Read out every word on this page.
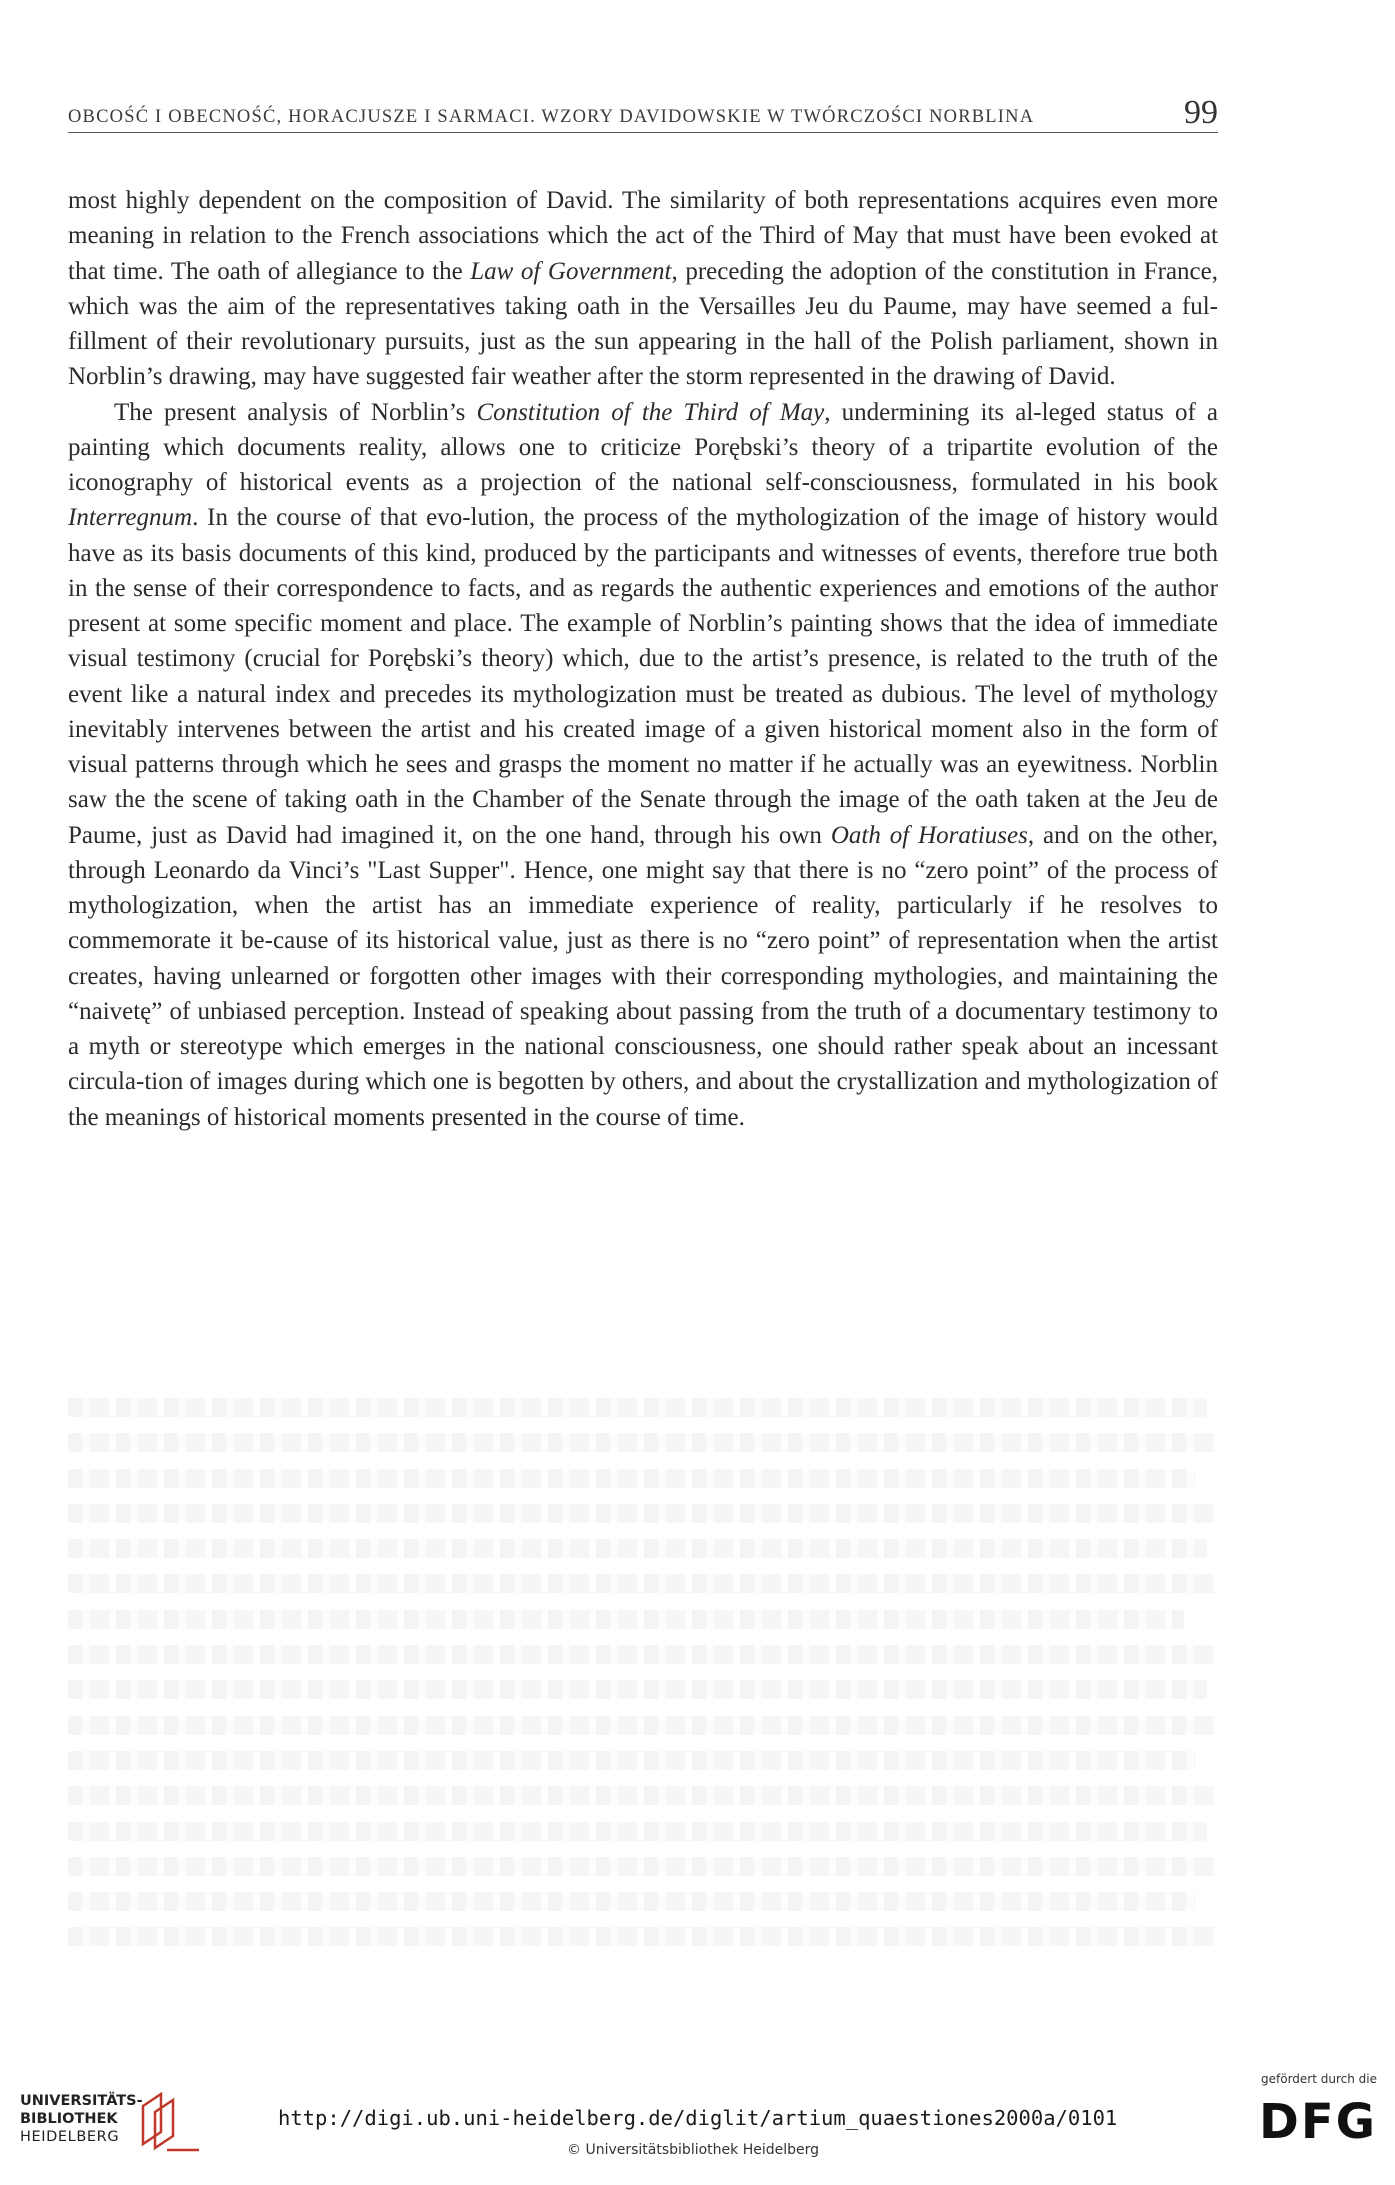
OBCOŚĆ I OBECNOŚĆ, HORACJUSZE I SARMACI. WZORY DAVIDOWSKIE W TWÓRCZOŚCI NORBLINA	99

most highly dependent on the composition of David. The similarity of both representations acquires even more meaning in relation to the French associations which the act of the Third of May that must have been evoked at that time. The oath of allegiance to the Law of Government, preceding the adoption of the constitution in France, which was the aim of the representatives taking oath in the Versailles Jeu du Paume, may have seemed a ful-fillment of their revolutionary pursuits, just as the sun appearing in the hall of the Polish parliament, shown in Norblin’s drawing, may have suggested fair weather after the storm represented in the drawing of David.

The present analysis of Norblin’s Constitution of the Third of May, undermining its al-leged status of a painting which documents reality, allows one to criticize Porębski’s theory of a tripartite evolution of the iconography of historical events as a projection of the national self-consciousness, formulated in his book Interregnum. In the course of that evo-lution, the process of the mythologization of the image of history would have as its basis documents of this kind, produced by the participants and witnesses of events, therefore true both in the sense of their correspondence to facts, and as regards the authentic experiences and emotions of the author present at some specific moment and place. The example of Norblin’s painting shows that the idea of immediate visual testimony (crucial for Porębski’s theory) which, due to the artist’s presence, is related to the truth of the event like a natural index and precedes its mythologization must be treated as dubious. The level of mythology inevitably intervenes between the artist and his created image of a given historical moment also in the form of visual patterns through which he sees and grasps the moment no matter if he actually was an eyewitness. Norblin saw the the scene of taking oath in the Chamber of the Senate through the image of the oath taken at the Jeu de Paume, just as David had imagined it, on the one hand, through his own Oath of Horatiuses, and on the other, through Leonardo da Vinci’s "Last Supper". Hence, one might say that there is no “zero point” of the process of mythologization, when the artist has an immediate experience of reality, particularly if he resolves to commemorate it be-cause of its historical value, just as there is no “zero point” of representation when the artist creates, having unlearned or forgotten other images with their corresponding mythologies, and maintaining the “naivetę” of unbiased perception. Instead of speaking about passing from the truth of a documentary testimony to a myth or stereotype which emerges in the national consciousness, one should rather speak about an incessant circula-tion of images during which one is begotten by others, and about the crystallization and mythologization of the meanings of historical moments presented in the course of time.

UNIVERSITÄTS-
BIBLIOTHEK
HEIDELBERG
http://digi.ub.uni-heidelberg.de/diglit/artium_quaestiones2000a/0101
© Universitätsbibliothek Heidelberg
gefördert durch die
DFG
